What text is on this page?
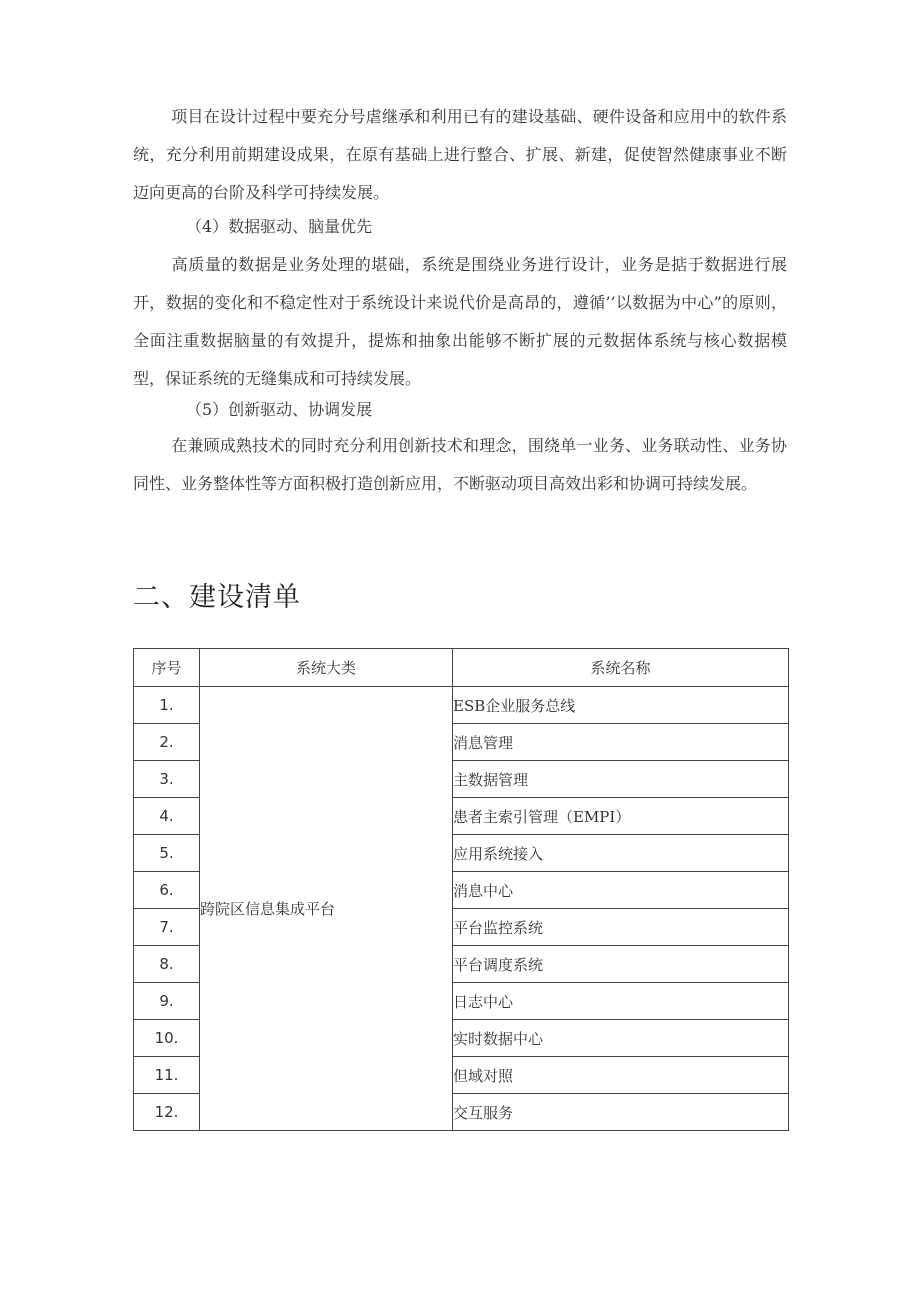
项目在设计过程中要充分号虐继承和利用已有的建设基础、硬件设备和应用中的软件系统，充分利用前期建设成果，在原有基础上进行整合、扩展、新建，促使智然健康事业不断迈向更高的台阶及科学可持续发展。

（4）数据驱动、脑量优先

高质量的数据是业务处理的堪础，系统是围绕业务进行设计，业务是掂于数据进行展开，数据的变化和不稳定性对于系统设计来说代价是高昂的，遵循’’以数据为中心”的原则，全面注重数据脑量的有效提升，提炼和抽象出能够不断扩展的元数据体系统与核心数据模型，保证系统的无缝集成和可持续发展。

（5）创新驱动、协调发展

在兼顾成熟技术的同时充分利用创新技术和理念，围绕单一业务、业务联动性、业务协同性、业务整体性等方面积极打造创新应用，不断驱动项目高效出彩和协调可持续发展。

二、建设清单
序号	系统大类	系统名称
1.	跨院区信息集成平台	ESB企业服务总线
2.		消息管理
3.		主数据管理
4.		患者主索引管理（EMPI）
5.		应用系统接入
6.		消息中心
7.		平台监控系统
8.		平台调度系统
9.		日志中心
10.		实时数据中心
11.		但域对照
12.		交互服务
